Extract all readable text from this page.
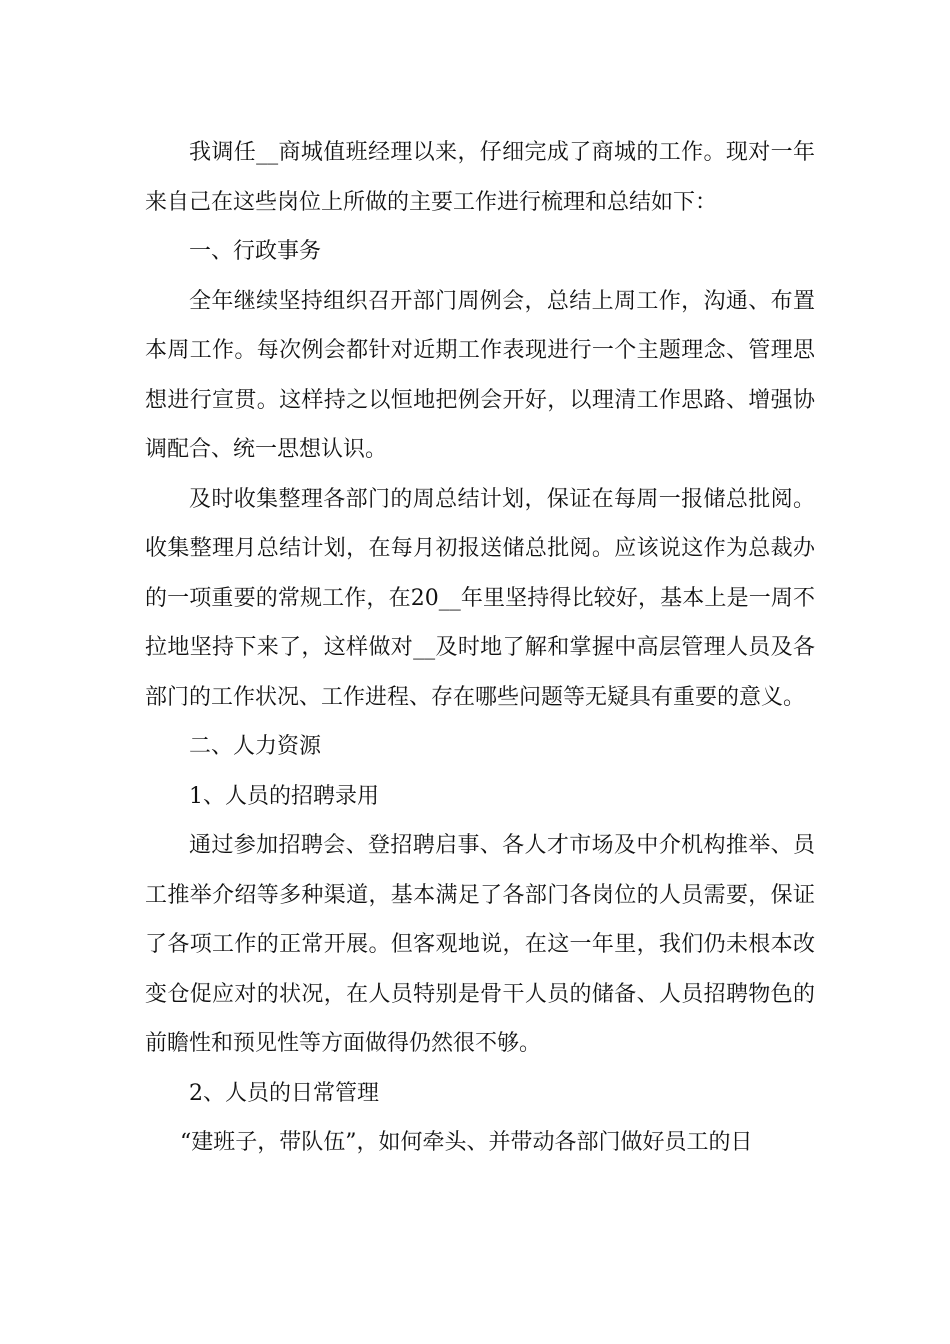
我调任__商城值班经理以来，仔细完成了商城的工作。现对一年来自己在这些岗位上所做的主要工作进行梳理和总结如下：

一、行政事务

全年继续坚持组织召开部门周例会，总结上周工作，沟通、布置本周工作。每次例会都针对近期工作表现进行一个主题理念、管理思想进行宣贯。这样持之以恒地把例会开好，以理清工作思路、增强协调配合、统一思想认识。

及时收集整理各部门的周总结计划，保证在每周一报储总批阅。收集整理月总结计划，在每月初报送储总批阅。应该说这作为总裁办的一项重要的常规工作，在20__年里坚持得比较好，基本上是一周不拉地坚持下来了，这样做对__及时地了解和掌握中高层管理人员及各部门的工作状况、工作进程、存在哪些问题等无疑具有重要的意义。

二、人力资源

1、人员的招聘录用

通过参加招聘会、登招聘启事、各人才市场及中介机构推举、员工推举介绍等多种渠道，基本满足了各部门各岗位的人员需要，保证了各项工作的正常开展。但客观地说，在这一年里，我们仍未根本改变仓促应对的状况，在人员特别是骨干人员的储备、人员招聘物色的前瞻性和预见性等方面做得仍然很不够。

2、人员的日常管理

“建班子，带队伍”，如何牵头、并带动各部门做好员工的日
